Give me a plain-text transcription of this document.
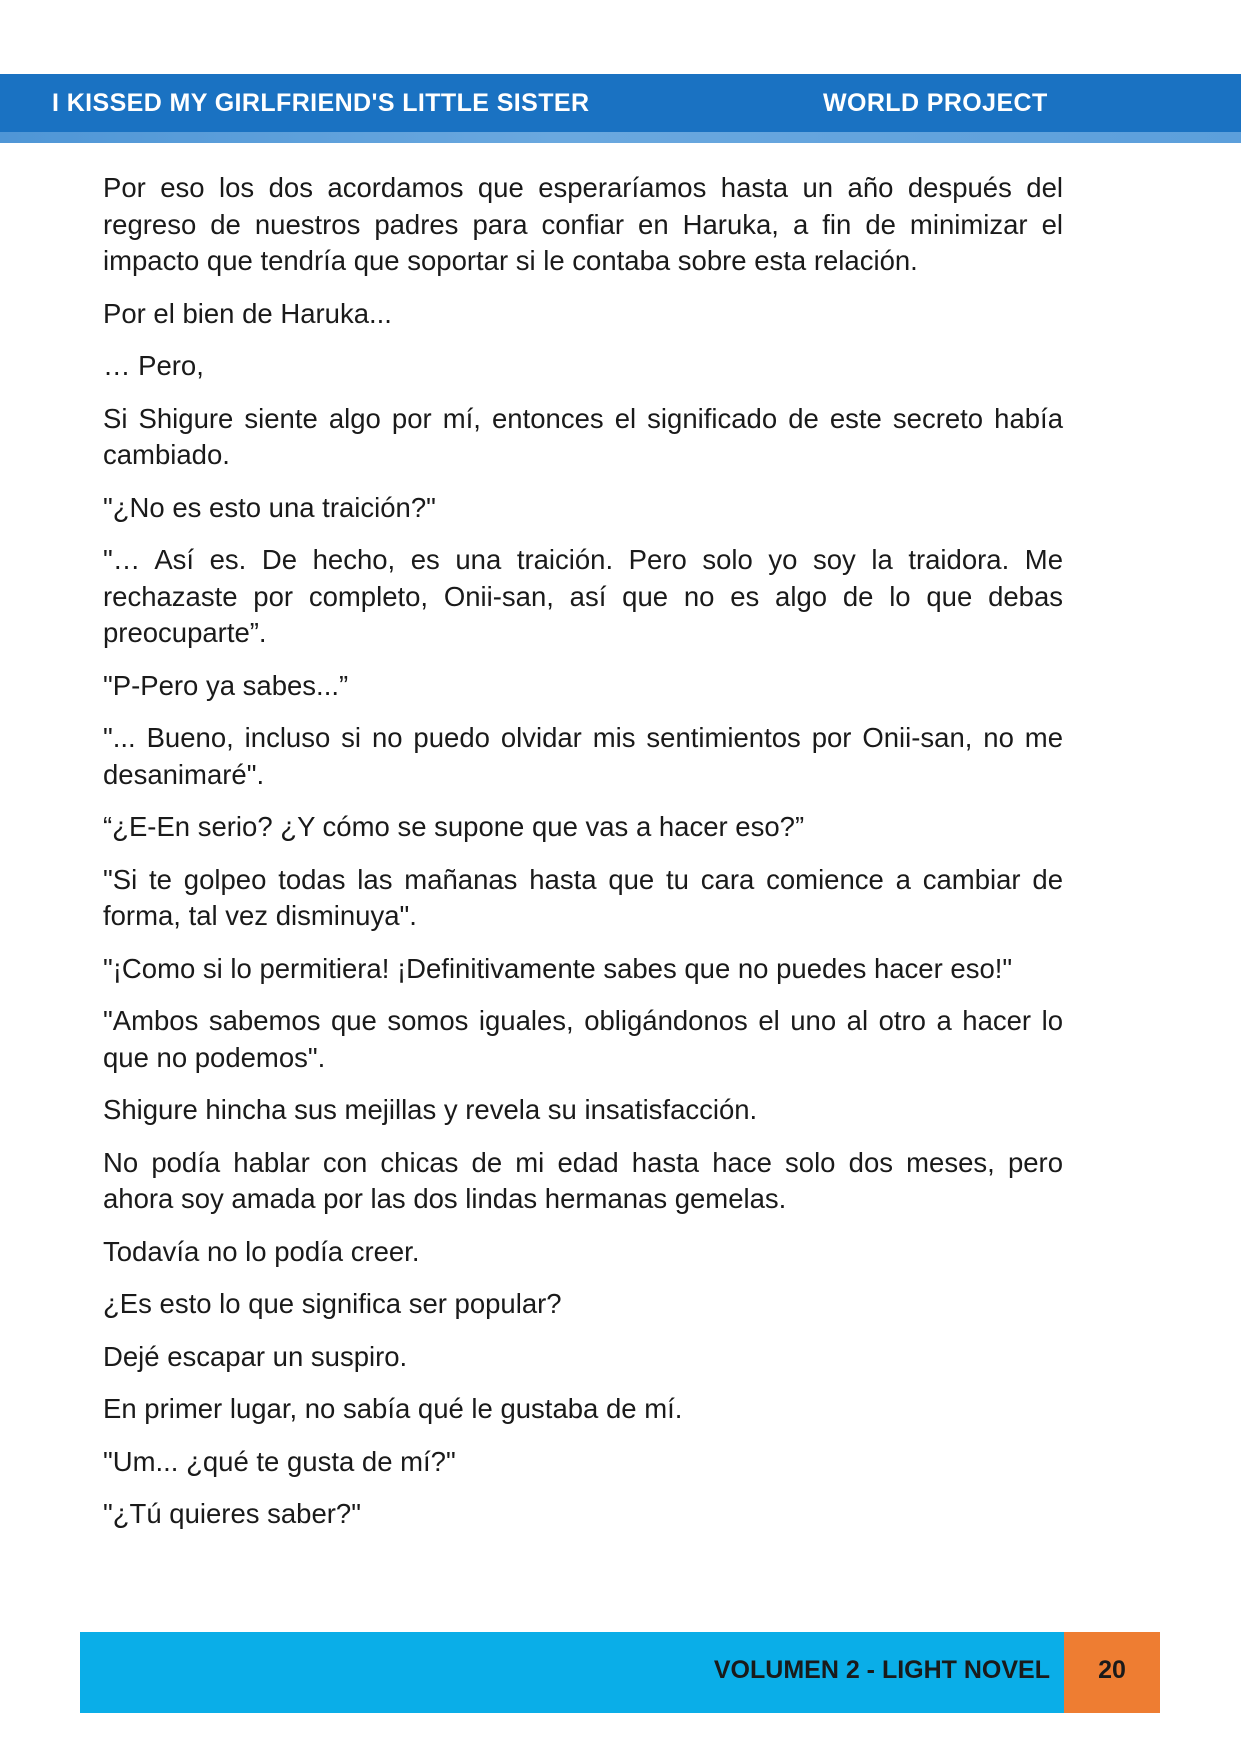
I KISSED MY GIRLFRIEND'S LITTLE SISTER	WORLD PROJECT

Por eso los dos acordamos que esperaríamos hasta un año después del regreso de nuestros padres para confiar en Haruka, a fin de minimizar el impacto que tendría que soportar si le contaba sobre esta relación.

Por el bien de Haruka...

… Pero,

Si Shigure siente algo por mí, entonces el significado de este secreto había cambiado.

"¿No es esto una traición?"

"… Así es. De hecho, es una traición. Pero solo yo soy la traidora. Me rechazaste por completo, Onii-san, así que no es algo de lo que debas preocuparte”.

"P-Pero ya sabes...”

"... Bueno, incluso si no puedo olvidar mis sentimientos por Onii-san, no me desanimaré".

“¿E-En serio? ¿Y cómo se supone que vas a hacer eso?”

"Si te golpeo todas las mañanas hasta que tu cara comience a cambiar de forma, tal vez disminuya".

"¡Como si lo permitiera! ¡Definitivamente sabes que no puedes hacer eso!"

"Ambos sabemos que somos iguales, obligándonos el uno al otro a hacer lo que no podemos".

Shigure hincha sus mejillas y revela su insatisfacción.

No podía hablar con chicas de mi edad hasta hace solo dos meses, pero ahora soy amada por las dos lindas hermanas gemelas.

Todavía no lo podía creer.

¿Es esto lo que significa ser popular?

Dejé escapar un suspiro.

En primer lugar, no sabía qué le gustaba de mí.

"Um... ¿qué te gusta de mí?"

"¿Tú quieres saber?"

VOLUMEN 2 - LIGHT NOVEL	20
